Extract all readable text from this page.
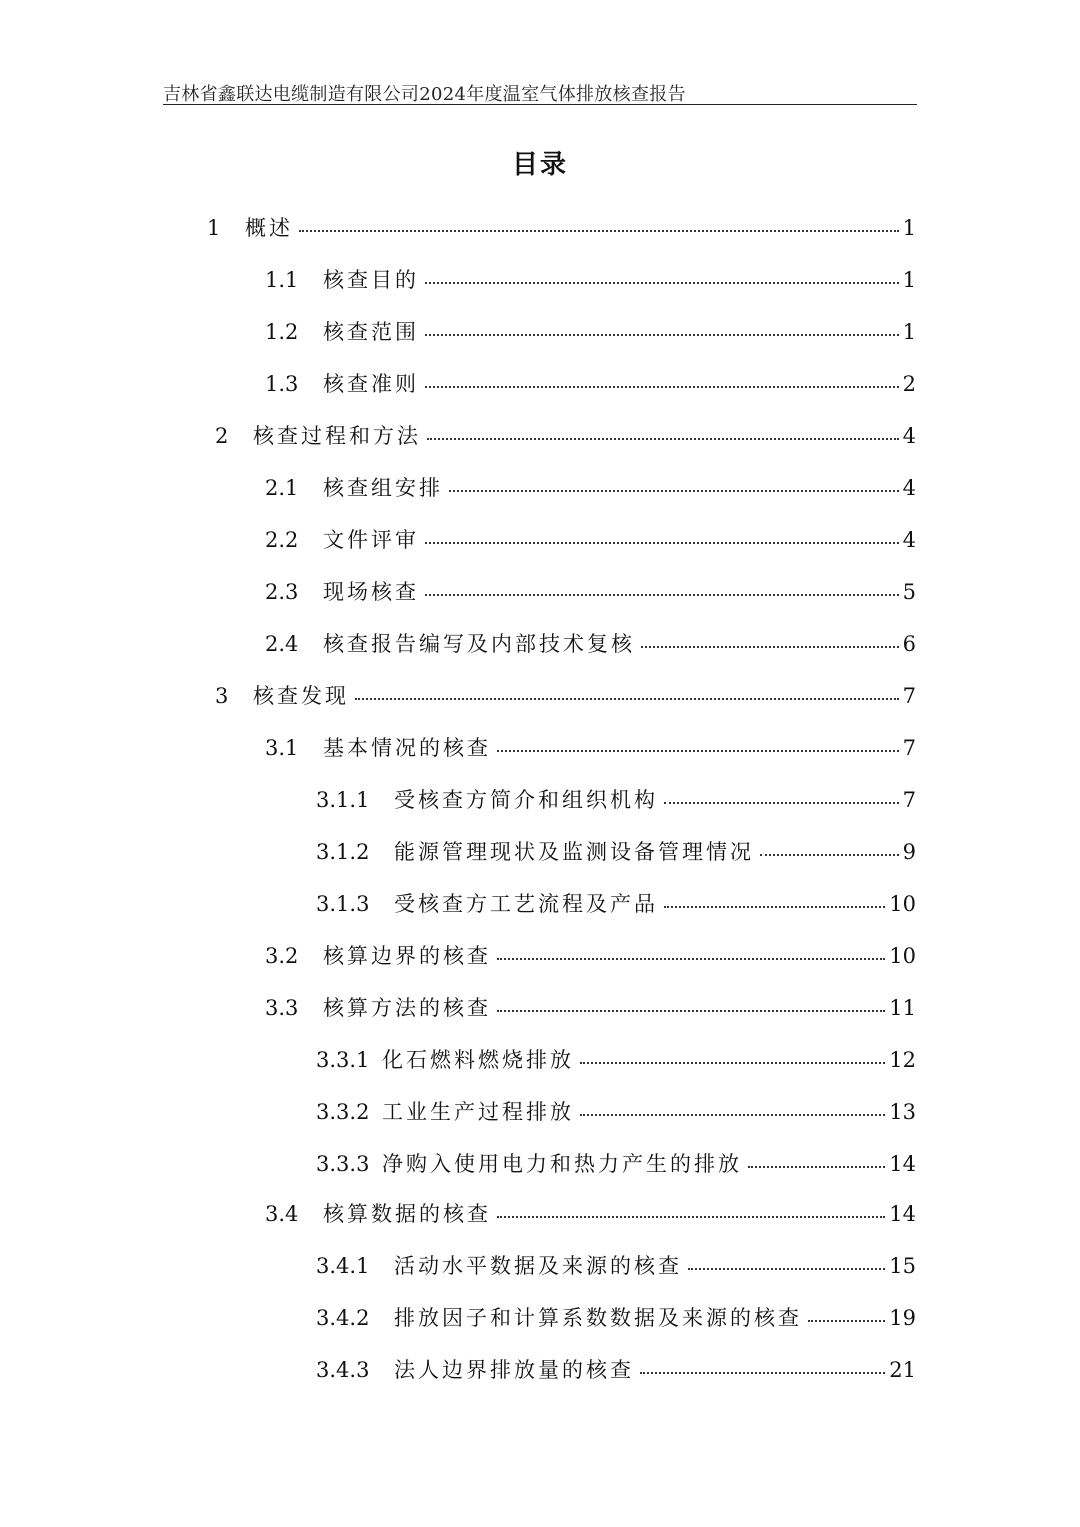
吉林省鑫联达电缆制造有限公司2024年度温室气体排放核查报告
目录
1	概述	1
1.1	核查目的	1
1.2	核查范围	1
1.3	核查准则	2
2	核查过程和方法	4
2.1	核查组安排	4
2.2	文件评审	4
2.3	现场核查	5
2.4	核查报告编写及内部技术复核	6
3	核查发现	7
3.1	基本情况的核查	7
3.1.1	受核查方简介和组织机构	7
3.1.2	能源管理现状及监测设备管理情况	9
3.1.3	受核查方工艺流程及产品	10
3.2	核算边界的核查	10
3.3	核算方法的核查	11
3.3.1 化石燃料燃烧排放	12
3.3.2 工业生产过程排放	13
3.3.3 净购入使用电力和热力产生的排放	14
3.4	核算数据的核查	14
3.4.1	活动水平数据及来源的核查	15
3.4.2	排放因子和计算系数数据及来源的核查	19
3.4.3	法人边界排放量的核查	21
